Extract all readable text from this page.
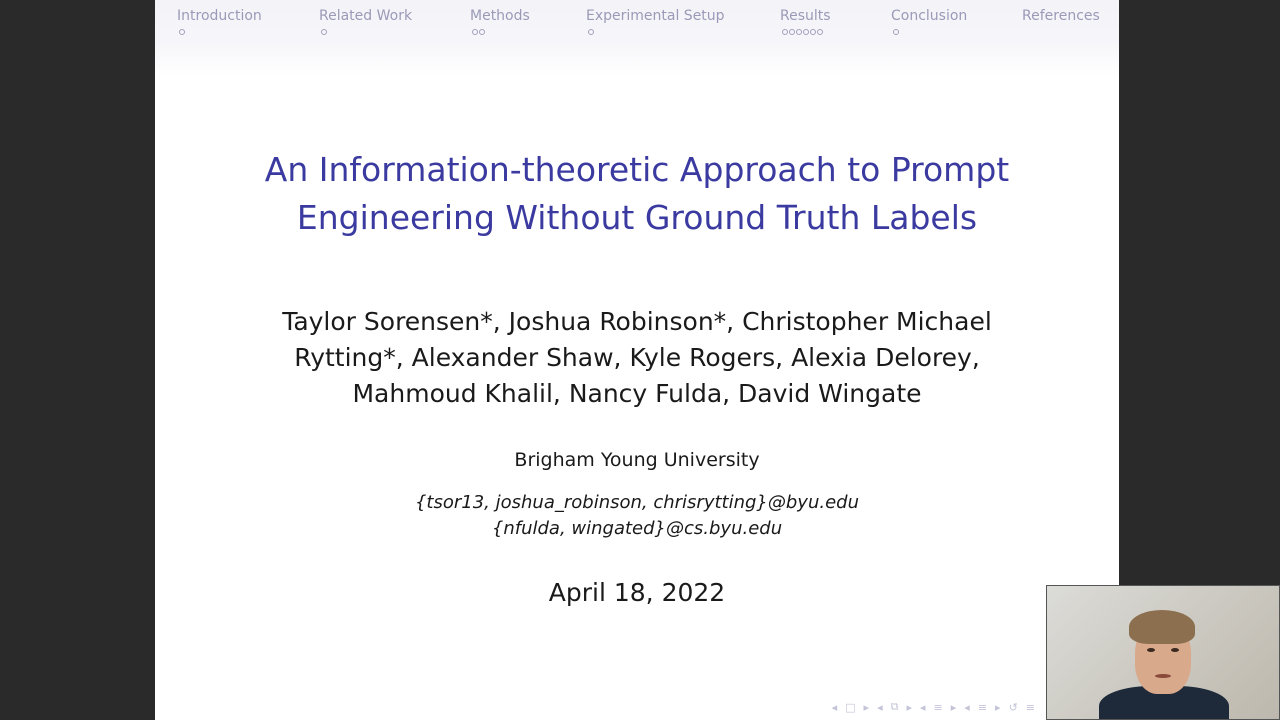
Introduction	Related Work	Methods	Experimental Setup	Results	Conclusion	References
An Information-theoretic Approach to Prompt
Engineering Without Ground Truth Labels
Taylor Sorensen*, Joshua Robinson*, Christopher Michael
Rytting*, Alexander Shaw, Kyle Rogers, Alexia Delorey,
Mahmoud Khalil, Nancy Fulda, David Wingate
Brigham Young University
{tsor13, joshua_robinson, chrisrytting}@byu.edu
{nfulda, wingated}@cs.byu.edu
April 18, 2022
◂ □ ▸ ◂ ⧉ ▸ ◂ ≡ ▸ ◂ ≡ ▸ ↺ ≡
